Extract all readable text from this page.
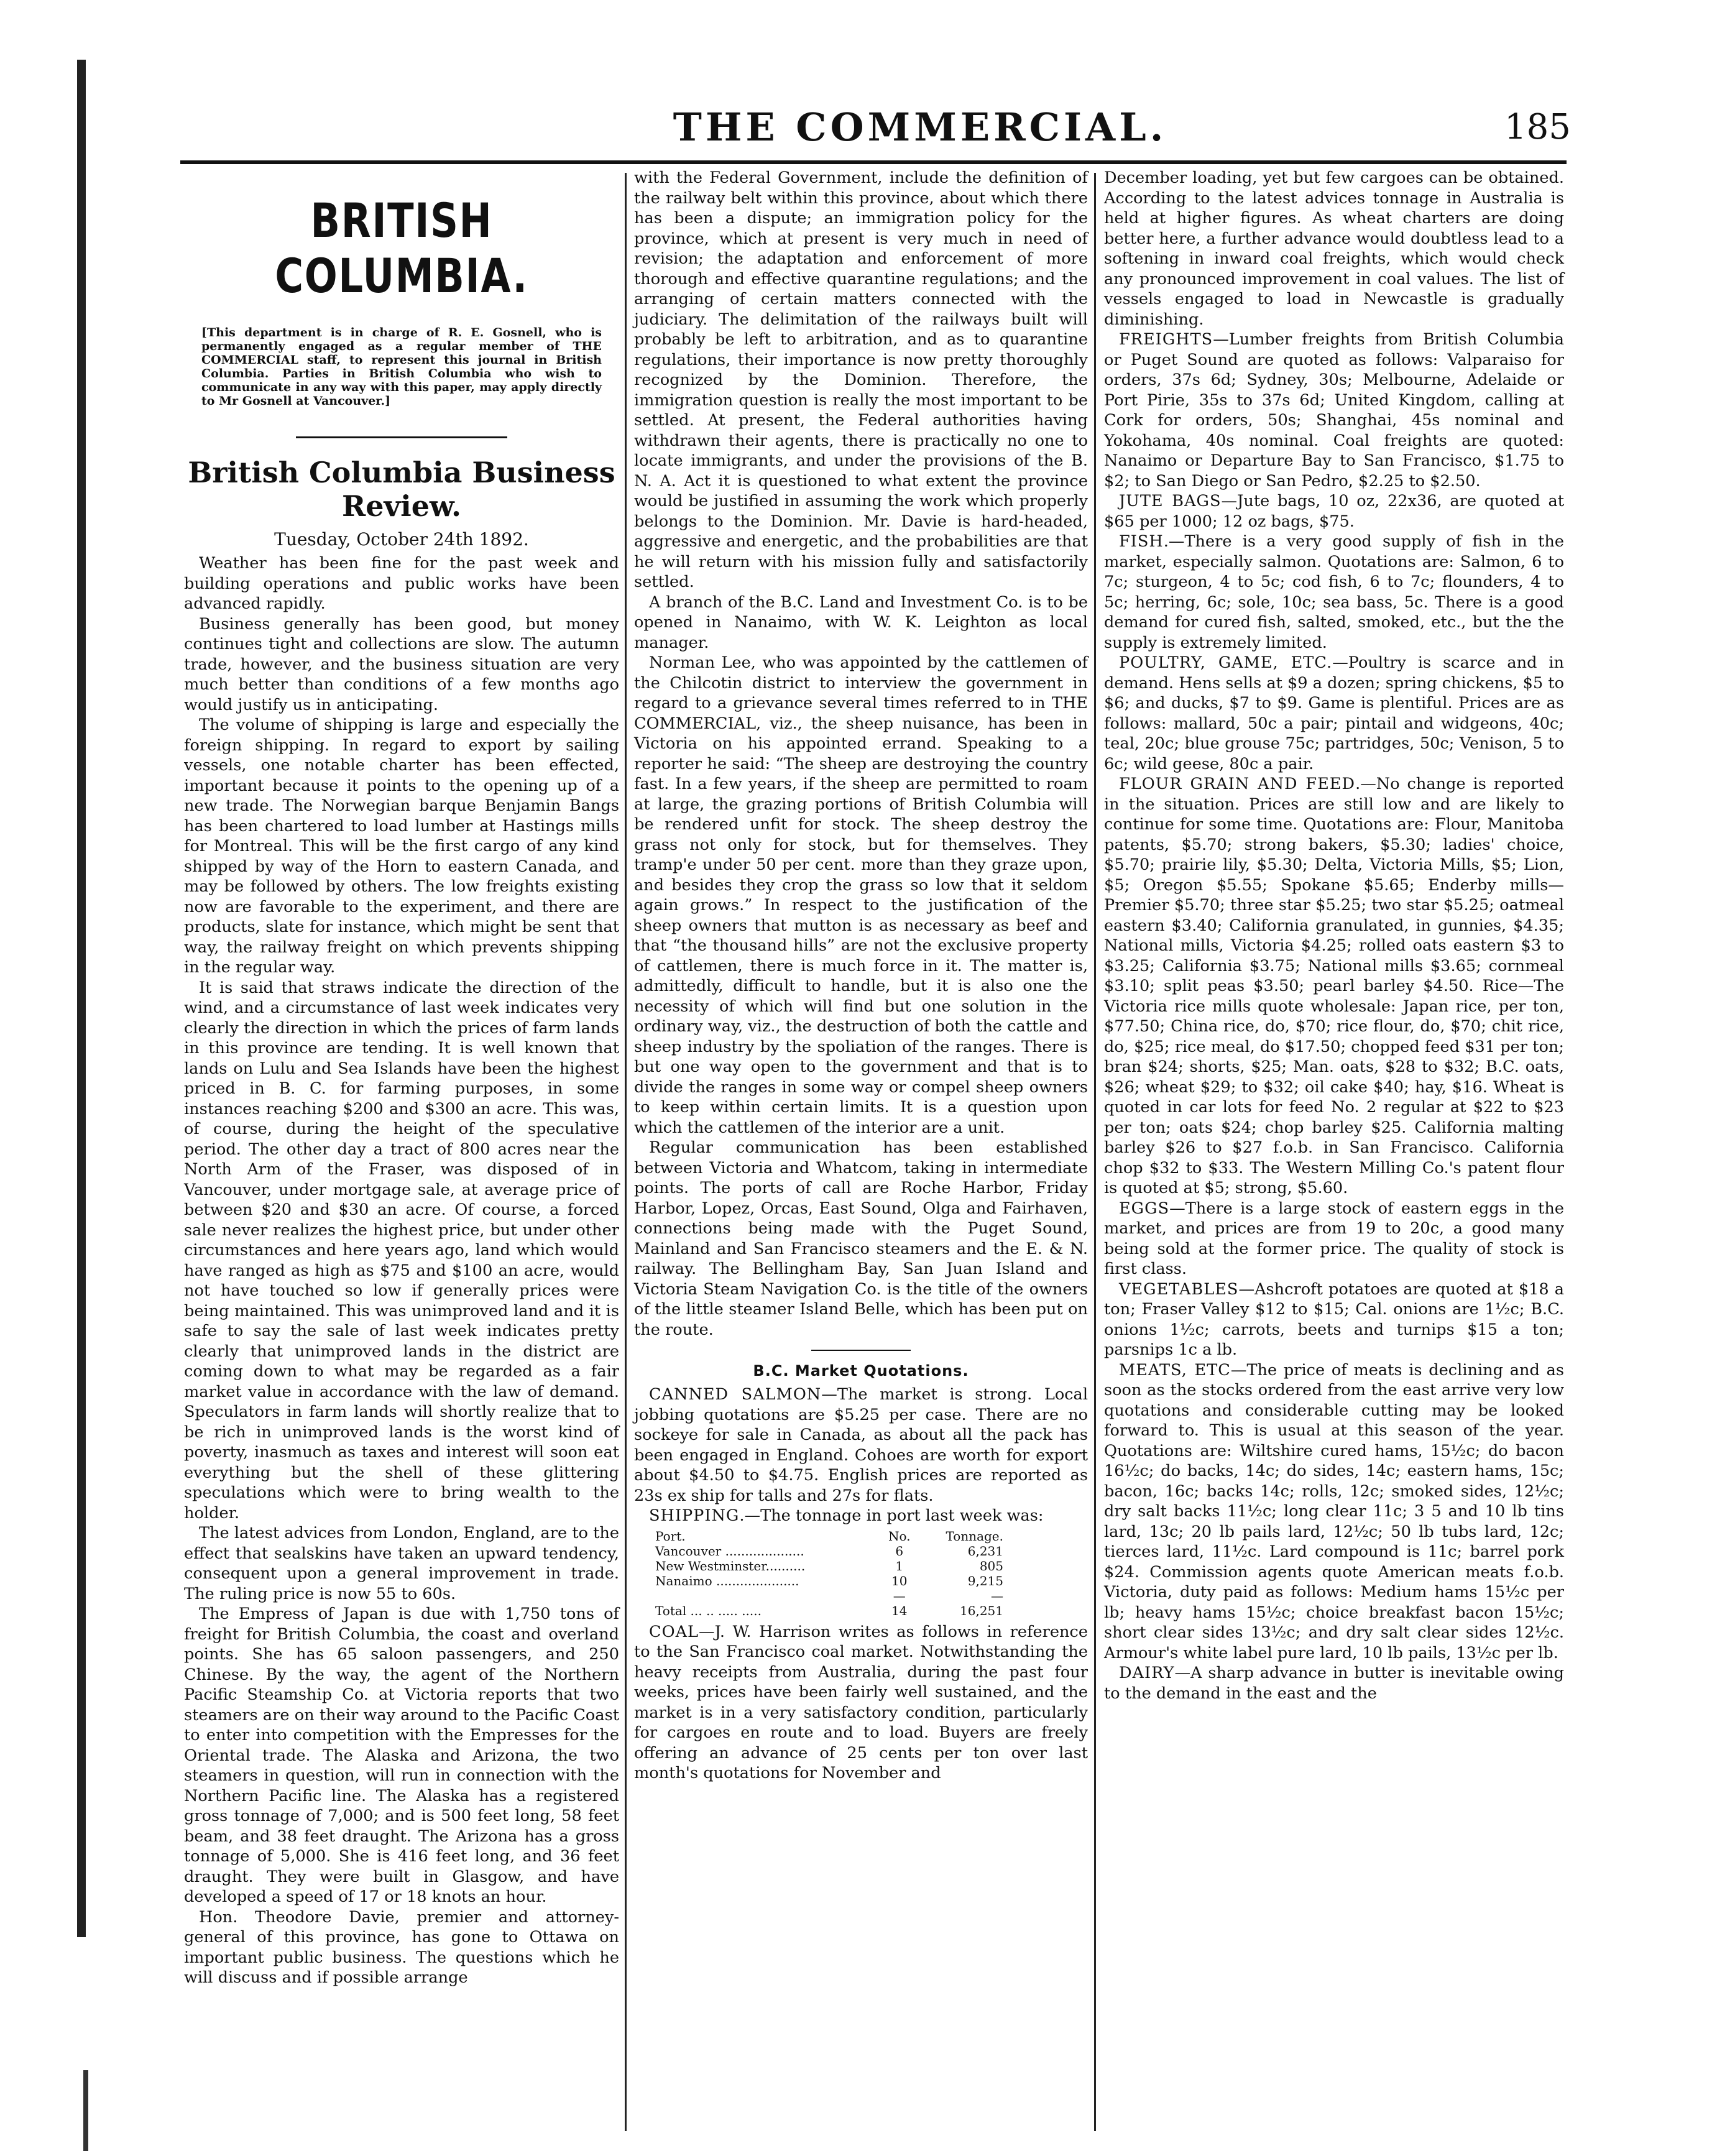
THE COMMERCIAL.	185
BRITISH COLUMBIA.
[This department is in charge of R. E. Gosnell, who is permanently engaged as a regular member of THE COMMERCIAL staff, to represent this journal in British Columbia. Parties in British Columbia who wish to communicate in any way with this paper, may apply directly to Mr Gosnell at Vancouver.]
British Columbia Business Review.
Tuesday, October 24th 1892.

Weather has been fine for the past week and building operations and public works have been advanced rapidly.

Business generally has been good, but money continues tight and collections are slow. The autumn trade, however, and the business situation are very much better than conditions of a few months ago would justify us in anticipating.

The volume of shipping is large and especially the foreign shipping. In regard to export by sailing vessels, one notable charter has been effected, important because it points to the opening up of a new trade. The Norwegian barque Benjamin Bangs has been chartered to load lumber at Hastings mills for Montreal. This will be the first cargo of any kind shipped by way of the Horn to eastern Canada, and may be followed by others. The low freights existing now are favorable to the experiment, and there are products, slate for instance, which might be sent that way, the railway freight on which prevents shipping in the regular way.

It is said that straws indicate the direction of the wind, and a circumstance of last week indicates very clearly the direction in which the prices of farm lands in this province are tending. It is well known that lands on Lulu and Sea Islands have been the highest priced in B. C. for farming purposes, in some instances reaching $200 and $300 an acre. This was, of course, during the height of the speculative period. The other day a tract of 800 acres near the North Arm of the Fraser, was disposed of in Vancouver, under mortgage sale, at average price of between $20 and $30 an acre. Of course, a forced sale never realizes the highest price, but under other circumstances and here years ago, land which would have ranged as high as $75 and $100 an acre, would not have touched so low if generally prices were being maintained. This was unimproved land and it is safe to say the sale of last week indicates pretty clearly that unimproved lands in the district are coming down to what may be regarded as a fair market value in accordance with the law of demand. Speculators in farm lands will shortly realize that to be rich in unimproved lands is the worst kind of poverty, inasmuch as taxes and interest will soon eat everything but the shell of these glittering speculations which were to bring wealth to the holder.

The latest advices from London, England, are to the effect that sealskins have taken an upward tendency, consequent upon a general improvement in trade. The ruling price is now 55 to 60s.

The Empress of Japan is due with 1,750 tons of freight for British Columbia, the coast and overland points. She has 65 saloon passengers, and 250 Chinese. By the way, the agent of the Northern Pacific Steamship Co. at Victoria reports that two steamers are on their way around to the Pacific Coast to enter into competition with the Empresses for the Oriental trade. The Alaska and Arizona, the two steamers in question, will run in connection with the Northern Pacific line. The Alaska has a registered gross tonnage of 7,000; and is 500 feet long, 58 feet beam, and 38 feet draught. The Arizona has a gross tonnage of 5,000. She is 416 feet long, and 36 feet draught. They were built in Glasgow, and have developed a speed of 17 or 18 knots an hour.

Hon. Theodore Davie, premier and attorney-general of this province, has gone to Ottawa on important public business. The questions which he will discuss and if possible arrange

with the Federal Government, include the definition of the railway belt within this province, about which there has been a dispute; an immigration policy for the province, which at present is very much in need of revision; the adaptation and enforcement of more thorough and effective quarantine regulations; and the arranging of certain matters connected with the judiciary. The delimitation of the railways built will probably be left to arbitration, and as to quarantine regulations, their importance is now pretty thoroughly recognized by the Dominion. Therefore, the immigration question is really the most important to be settled. At present, the Federal authorities having withdrawn their agents, there is practically no one to locate immigrants, and under the provisions of the B. N. A. Act it is questioned to what extent the province would be justified in assuming the work which properly belongs to the Dominion. Mr. Davie is hard-headed, aggressive and energetic, and the probabilities are that he will return with his mission fully and satisfactorily settled.

A branch of the B.C. Land and Investment Co. is to be opened in Nanaimo, with W. K. Leighton as local manager.

Norman Lee, who was appointed by the cattlemen of the Chilcotin district to interview the government in regard to a grievance several times referred to in THE COMMERCIAL, viz., the sheep nuisance, has been in Victoria on his appointed errand. Speaking to a reporter he said: “The sheep are destroying the country fast. In a few years, if the sheep are permitted to roam at large, the grazing portions of British Columbia will be rendered unfit for stock. The sheep destroy the grass not only for stock, but for themselves. They tramp'e under 50 per cent. more than they graze upon, and besides they crop the grass so low that it seldom again grows.” In respect to the justification of the sheep owners that mutton is as necessary as beef and that “the thousand hills” are not the exclusive property of cattlemen, there is much force in it. The matter is, admittedly, difficult to handle, but it is also one the necessity of which will find but one solution in the ordinary way, viz., the destruction of both the cattle and sheep industry by the spoliation of the ranges. There is but one way open to the government and that is to divide the ranges in some way or compel sheep owners to keep within certain limits. It is a question upon which the cattlemen of the interior are a unit.

Regular communication has been established between Victoria and Whatcom, taking in intermediate points. The ports of call are Roche Harbor, Friday Harbor, Lopez, Orcas, East Sound, Olga and Fairhaven, connections being made with the Puget Sound, Mainland and San Francisco steamers and the E. & N. railway. The Bellingham Bay, San Juan Island and Victoria Steam Navigation Co. is the title of the owners of the little steamer Island Belle, which has been put on the route.

B.C. Market Quotations.

CANNED SALMON—The market is strong. Local jobbing quotations are $5.25 per case. There are no sockeye for sale in Canada, as about all the pack has been engaged in England. Cohoes are worth for export about $4.50 to $4.75. English prices are reported as 23s ex ship for talls and 27s for flats.

SHIPPING.—The tonnage in port last week was:

Port.	No.	Tonnage.
Vancouver ....................	6	6,231
New Westminster..........	1	805
Nanaimo .....................	10	9,215
	—	—
Total ... .. ..... .....	14	16,251

COAL—J. W. Harrison writes as follows in reference to the San Francisco coal market. Notwithstanding the heavy receipts from Australia, during the past four weeks, prices have been fairly well sustained, and the market is in a very satisfactory condition, particularly for cargoes en route and to load. Buyers are freely offering an advance of 25 cents per ton over last month's quotations for November and

December loading, yet but few cargoes can be obtained. According to the latest advices tonnage in Australia is held at higher figures. As wheat charters are doing better here, a further advance would doubtless lead to a softening in inward coal freights, which would check any pronounced improvement in coal values. The list of vessels engaged to load in Newcastle is gradually diminishing.

FREIGHTS—Lumber freights from British Columbia or Puget Sound are quoted as follows: Valparaiso for orders, 37s 6d; Sydney, 30s; Melbourne, Adelaide or Port Pirie, 35s to 37s 6d; United Kingdom, calling at Cork for orders, 50s; Shanghai, 45s nominal and Yokohama, 40s nominal. Coal freights are quoted: Nanaimo or Departure Bay to San Francisco, $1.75 to $2; to San Diego or San Pedro, $2.25 to $2.50.

JUTE BAGS—Jute bags, 10 oz, 22x36, are quoted at $65 per 1000; 12 oz bags, $75.

FISH.—There is a very good supply of fish in the market, especially salmon. Quotations are: Salmon, 6 to 7c; sturgeon, 4 to 5c; cod fish, 6 to 7c; flounders, 4 to 5c; herring, 6c; sole, 10c; sea bass, 5c. There is a good demand for cured fish, salted, smoked, etc., but the the supply is extremely limited.

POULTRY, GAME, ETC.—Poultry is scarce and in demand. Hens sells at $9 a dozen; spring chickens, $5 to $6; and ducks, $7 to $9. Game is plentiful. Prices are as follows: mallard, 50c a pair; pintail and widgeons, 40c; teal, 20c; blue grouse 75c; partridges, 50c; Venison, 5 to 6c; wild geese, 80c a pair.

FLOUR GRAIN AND FEED.—No change is reported in the situation. Prices are still low and are likely to continue for some time. Quotations are: Flour, Manitoba patents, $5.70; strong bakers, $5.30; ladies' choice, $5.70; prairie lily, $5.30; Delta, Victoria Mills, $5; Lion, $5; Oregon $5.55; Spokane $5.65; Enderby mills—Premier $5.70; three star $5.25; two star $5.25; oatmeal eastern $3.40; California granulated, in gunnies, $4.35; National mills, Victoria $4.25; rolled oats eastern $3 to $3.25; California $3.75; National mills $3.65; cornmeal $3.10; split peas $3.50; pearl barley $4.50. Rice—The Victoria rice mills quote wholesale: Japan rice, per ton, $77.50; China rice, do, $70; rice flour, do, $70; chit rice, do, $25; rice meal, do $17.50; chopped feed $31 per ton; bran $24; shorts, $25; Man. oats, $28 to $32; B.C. oats, $26; wheat $29; to $32; oil cake $40; hay, $16. Wheat is quoted in car lots for feed No. 2 regular at $22 to $23 per ton; oats $24; chop barley $25. California malting barley $26 to $27 f.o.b. in San Francisco. California chop $32 to $33. The Western Milling Co.'s patent flour is quoted at $5; strong, $5.60.

EGGS—There is a large stock of eastern eggs in the market, and prices are from 19 to 20c, a good many being sold at the former price. The quality of stock is first class.

VEGETABLES—Ashcroft potatoes are quoted at $18 a ton; Fraser Valley $12 to $15; Cal. onions are 1½c; B.C. onions 1½c; carrots, beets and turnips $15 a ton; parsnips 1c a lb.

MEATS, ETC—The price of meats is declining and as soon as the stocks ordered from the east arrive very low quotations and considerable cutting may be looked forward to. This is usual at this season of the year. Quotations are: Wiltshire cured hams, 15½c; do bacon 16½c; do backs, 14c; do sides, 14c; eastern hams, 15c; bacon, 16c; backs 14c; rolls, 12c; smoked sides, 12½c; dry salt backs 11½c; long clear 11c; 3 5 and 10 lb tins lard, 13c; 20 lb pails lard, 12½c; 50 lb tubs lard, 12c; tierces lard, 11½c. Lard compound is 11c; barrel pork $24. Commission agents quote American meats f.o.b. Victoria, duty paid as follows: Medium hams 15½c per lb; heavy hams 15½c; choice breakfast bacon 15½c; short clear sides 13½c; and dry salt clear sides 12½c. Armour's white label pure lard, 10 lb pails, 13½c per lb.

DAIRY—A sharp advance in butter is inevitable owing to the demand in the east and the
